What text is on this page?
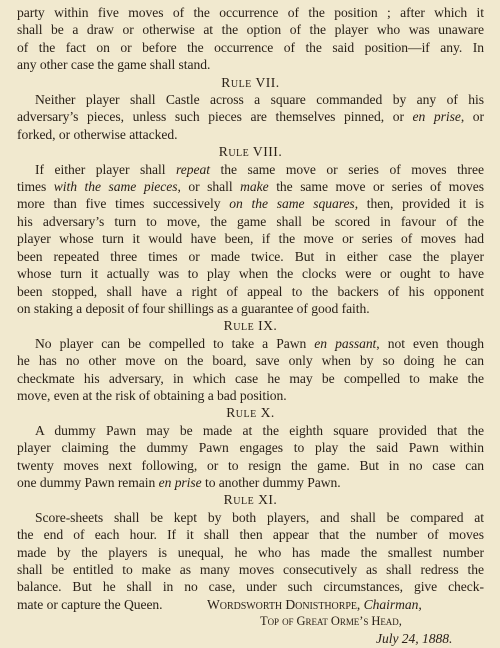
party within five moves of the occurrence of the position ; after which it
shall be a draw or otherwise at the option of the player who was unaware
of the fact on or before the occurrence of the said position—if any. In
any other case the game shall stand.
Rule VII.
Neither player shall Castle across a square commanded by any of his
adversary’s pieces, unless such pieces are themselves pinned, or en prise, or
forked, or otherwise attacked.
Rule VIII.
If either player shall repeat the same move or series of moves three
times with the same pieces, or shall make the same move or series of moves
more than five times successively on the same squares, then, provided it is
his adversary’s turn to move, the game shall be scored in favour of the
player whose turn it would have been, if the move or series of moves had
been repeated three times or made twice. But in either case the player
whose turn it actually was to play when the clocks were or ought to have
been stopped, shall have a right of appeal to the backers of his opponent
on staking a deposit of four shillings as a guarantee of good faith.
Rule IX.
No player can be compelled to take a Pawn en passant, not even though
he has no other move on the board, save only when by so doing he can
checkmate his adversary, in which case he may be compelled to make the
move, even at the risk of obtaining a bad position.
Rule X.
A dummy Pawn may be made at the eighth square provided that the
player claiming the dummy Pawn engages to play the said Pawn within
twenty moves next following, or to resign the game. But in no case can
one dummy Pawn remain en prise to another dummy Pawn.
Rule XI.
Score-sheets shall be kept by both players, and shall be compared at
the end of each hour. If it shall then appear that the number of moves
made by the players is unequal, he who has made the smallest number
shall be entitled to make as many moves consecutively as shall redress the
balance. But he shall in no case, under such circumstances, give check-
mate or capture the Queen.	Wordsworth Donisthorpe, Chairman,
Top of Great Orme’s Head,
July 24, 1888.
